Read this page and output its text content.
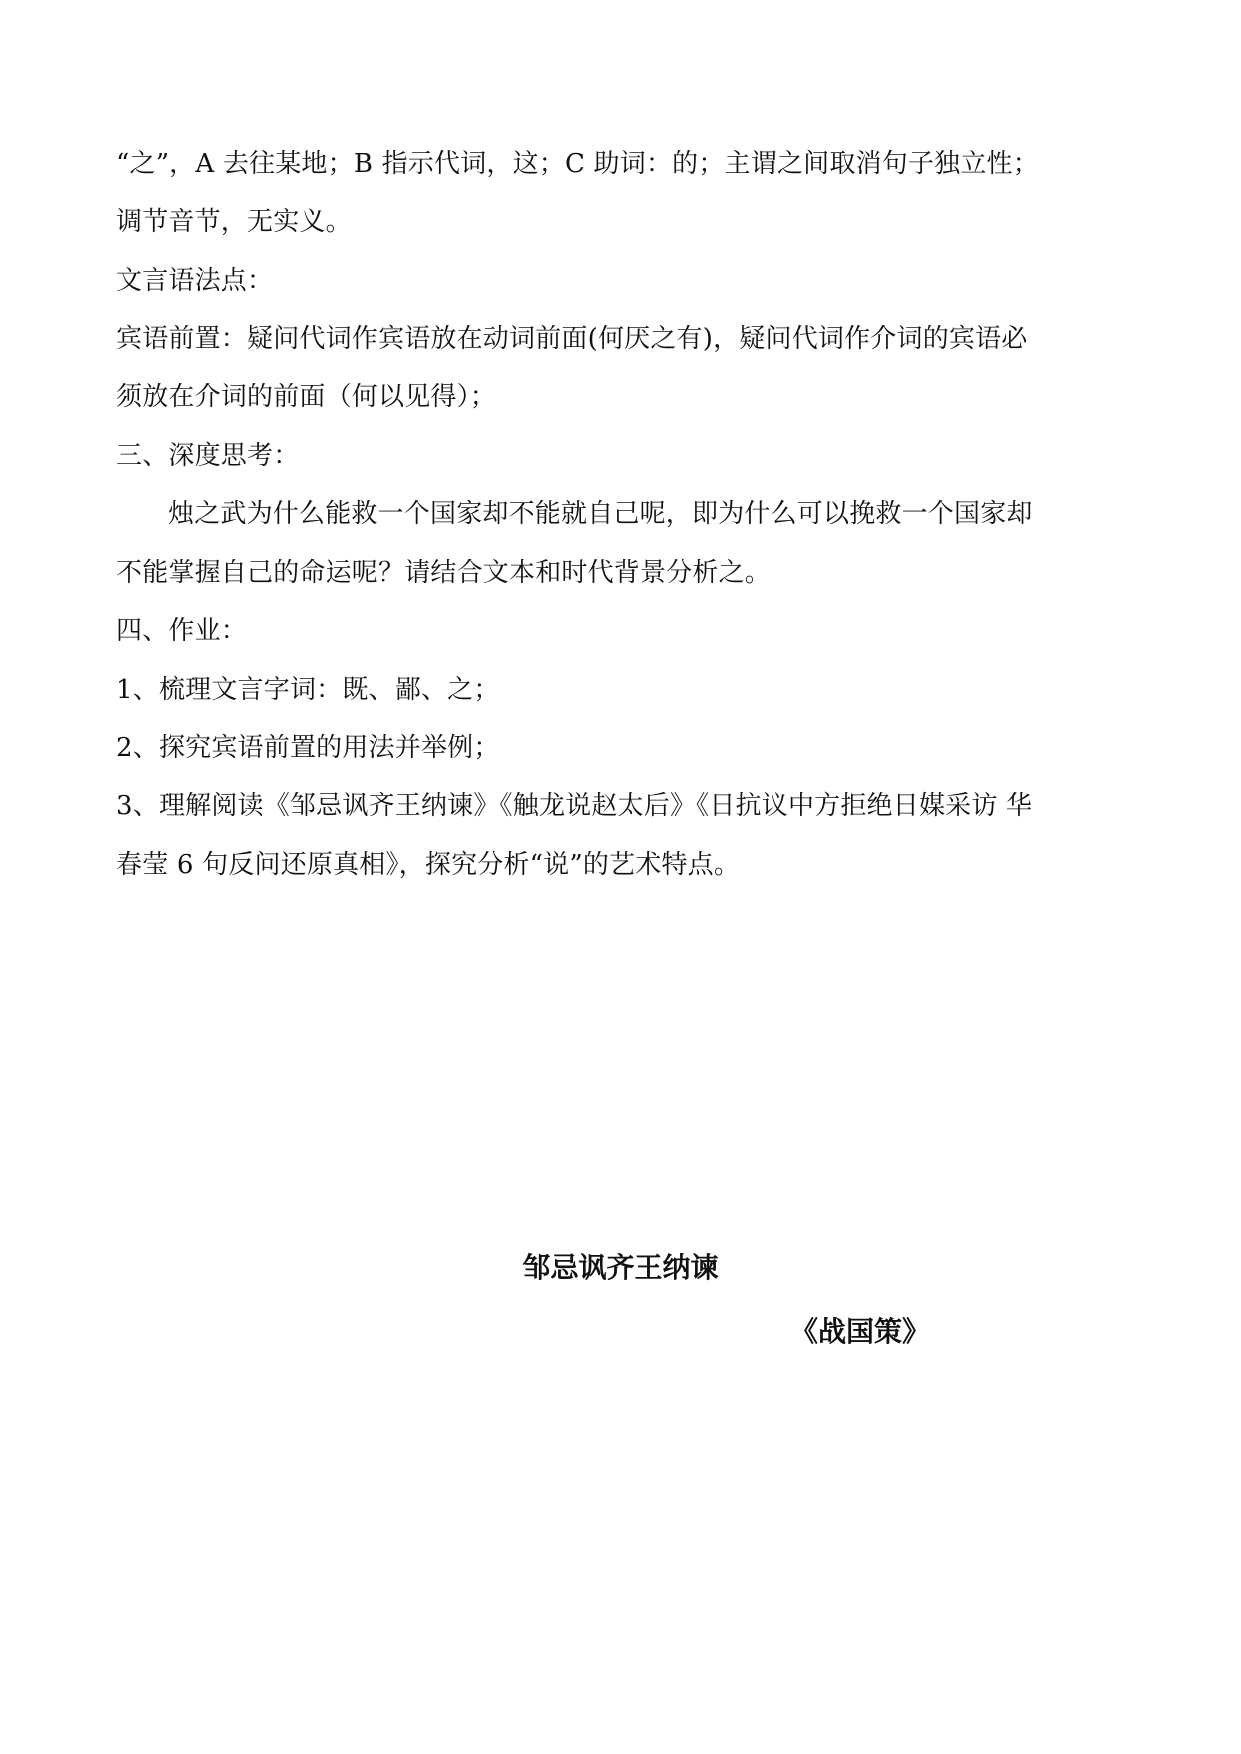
“之”，A 去往某地；B 指示代词，这；C 助词：的；主谓之间取消句子独立性；
调节音节，无实义。
文言语法点：
宾语前置：疑问代词作宾语放在动词前面(何厌之有)，疑问代词作介词的宾语必
须放在介词的前面（何以见得）；
三、深度思考：
烛之武为什么能救一个国家却不能就自己呢，即为什么可以挽救一个国家却
不能掌握自己的命运呢？请结合文本和时代背景分析之。
四、作业：
1、梳理文言字词：既、鄙、之；
2、探究宾语前置的用法并举例；
3、理解阅读《邹忌讽齐王纳谏》《触龙说赵太后》《日抗议中方拒绝日媒采访 华
春莹 6 句反问还原真相》，探究分析“说”的艺术特点。
邹忌讽齐王纳谏
《战国策》
